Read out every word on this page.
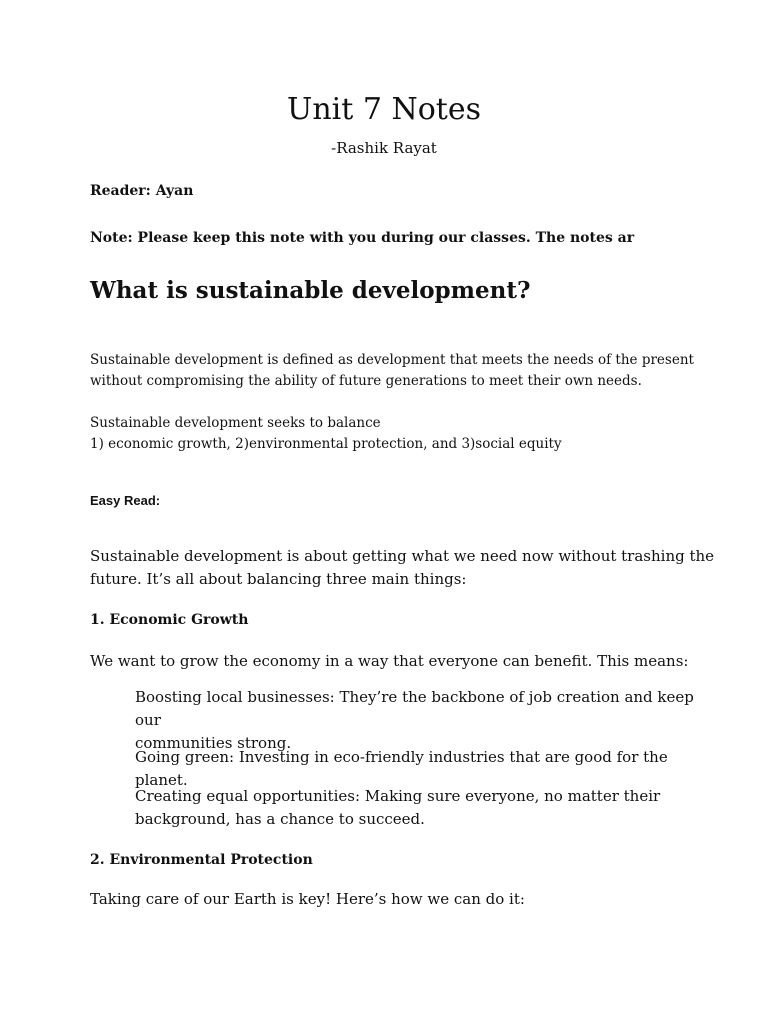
Unit 7 Notes
-Rashik Rayat
Reader: Ayan
Note: Please keep this note with you during our classes. The notes ar
What is sustainable development?
Sustainable development is defined as development that meets the needs of the present
without compromising the ability of future generations to meet their own needs.
Sustainable development seeks to balance
1) economic growth, 2)environmental protection, and 3)social equity
Easy Read:
Sustainable development is about getting what we need now without trashing the
future. It’s all about balancing three main things:
1. Economic Growth
We want to grow the economy in a way that everyone can benefit. This means:
Boosting local businesses: They’re the backbone of job creation and keep our
communities strong.
Going green: Investing in eco-friendly industries that are good for the planet.
Creating equal opportunities: Making sure everyone, no matter their
background, has a chance to succeed.
2. Environmental Protection
Taking care of our Earth is key! Here’s how we can do it:
